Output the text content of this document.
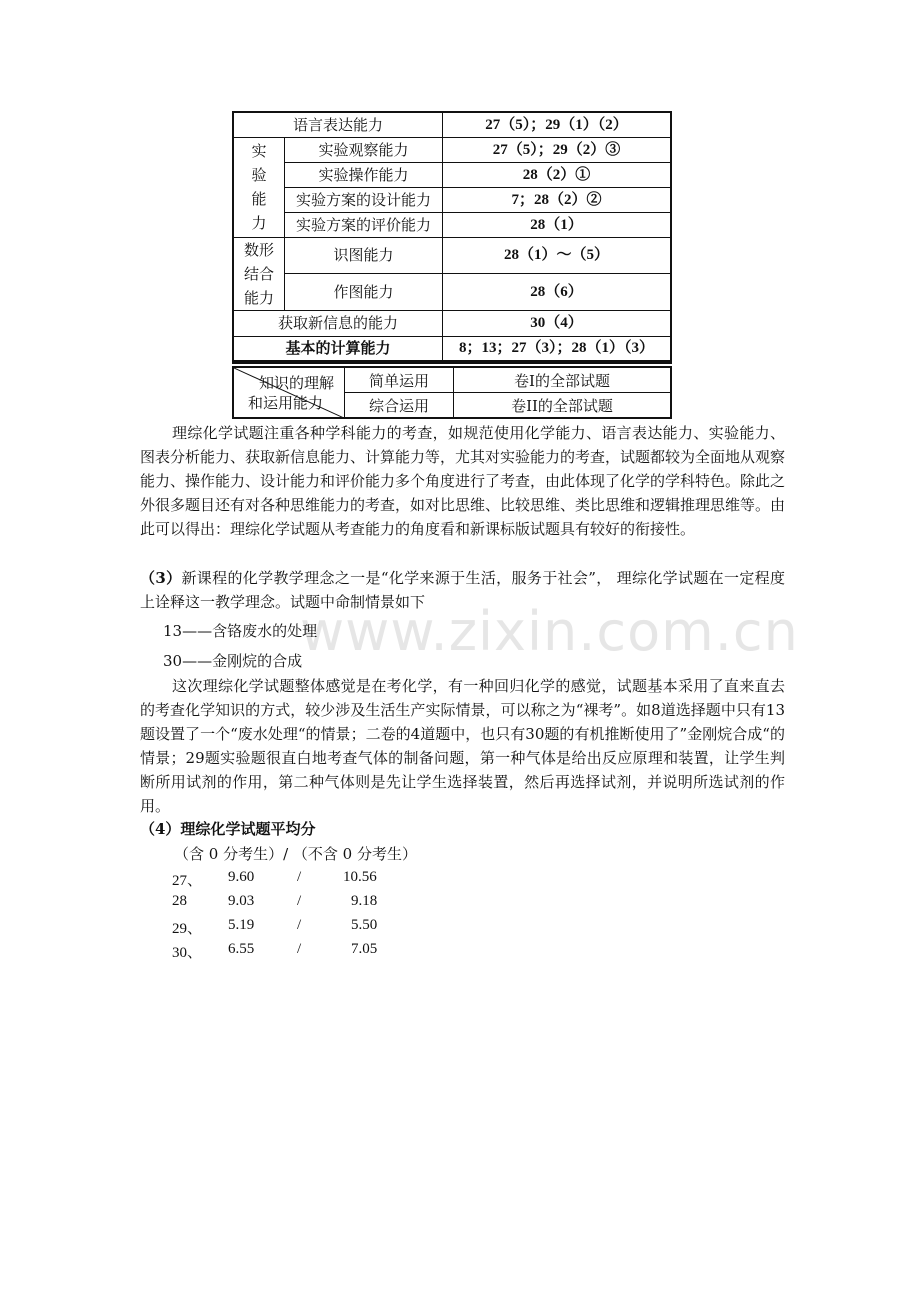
语言表达能力		27（5）；29（1）（2）

实
验
能
力	实验观察能力	27（5）；29（2）③
	实验操作能力	28（2）①
	实验方案的设计能力	7；28（2）②
	实验方案的评价能力	28（1）

数形
结合
能力	识图能力	28（1）～（5）
	作图能力	28（6）
获取新信息的能力		30（4）
基本的计算能力		8；13；27（3）；28（1）（3）
知识的理解
和运用能力	简单运用	卷I的全部试题
	综合运用	卷II的全部试题

理综化学试题注重各种学科能力的考查，如规范使用化学能力、语言表达能力、实验能力、图表分析能力、获取新信息能力、计算能力等，尤其对实验能力的考查，试题都较为全面地从观察能力、操作能力、设计能力和评价能力多个角度进行了考查，由此体现了化学的学科特色。除此之外很多题目还有对各种思维能力的考查，如对比思维、比较思维、类比思维和逻辑推理思维等。由此可以得出：理综化学试题从考查能力的角度看和新课标版试题具有较好的衔接性。

（3）新课程的化学教学理念之一是“化学来源于生活，服务于社会”， 理综化学试题在一定程度上诠释这一教学理念。试题中命制情景如下

www.zixin.com.cn
13——含铬废水的处理
30——金刚烷的合成

这次理综化学试题整体感觉是在考化学，有一种回归化学的感觉，试题基本采用了直来直去的考查化学知识的方式，较少涉及生活生产实际情景，可以称之为“裸考”。如8道选择题中只有13题设置了一个“废水处理“的情景；二卷的4道题中，也只有30题的有机推断使用了”金刚烷合成“的情景；29题实验题很直白地考查气体的制备问题，第一种气体是给出反应原理和装置，让学生判断所用试剂的作用，第二种气体则是先让学生选择装置，然后再选择试剂，并说明所选试剂的作用。

（4）理综化学试题平均分
（含 0 分考生）/ （不含 0 分考生）
27、 9.60	/	10.56
28	9.03	/	9.18
29、 5.19	/	5.50
30、 6.55	/	7.05
